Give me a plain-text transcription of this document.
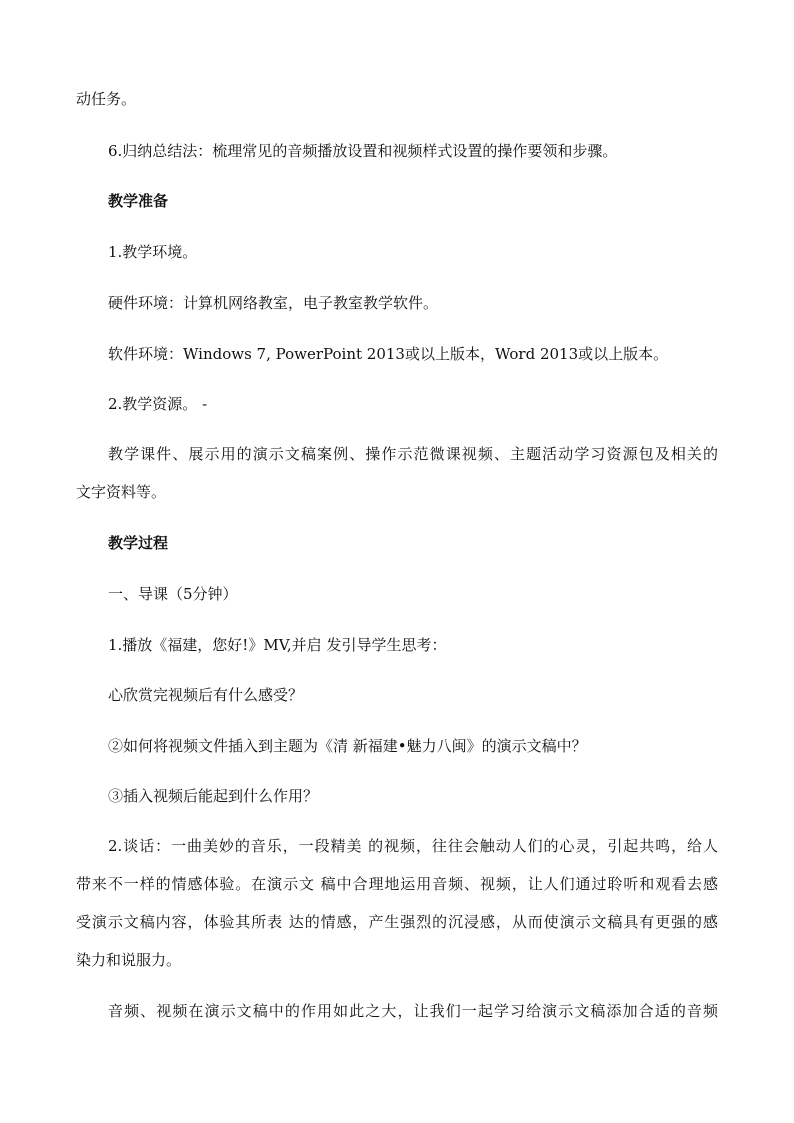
动任务。
6.归纳总结法：梳理常见的音频播放设置和视频样式设置的操作要领和步骤。
教学准备
1.教学环境。
硬件环境：计算机网络教室，电子教室教学软件。
软件环境：Windows 7, PowerPoint 2013或以上版本，Word 2013或以上版本。
2.教学资源。 -
教学课件、展示用的演示文稿案例、操作示范微课视频、主题活动学习资源包及相关的
文字资料等。
教学过程
一、导课（5分钟）
1.播放《福建，您好!》MV,并启 发引导学生思考：
心欣赏完视频后有什么感受？
②如何将视频文件插入到主题为《清 新福建•魅力八闽》的演示文稿中？
③插入视频后能起到什么作用？
2.谈话：一曲美妙的音乐，一段精美 的视频，往往会触动人们的心灵，引起共鸣，给人
带来不一样的情感体验。在演示文 稿中合理地运用音频、视频，让人们通过聆听和观看去感
受演示文稿内容，体验其所表 达的情感，产生强烈的沉浸感，从而使演示文稿具有更强的感
染力和说服力。
音频、视频在演示文稿中的作用如此之大，让我们一起学习给演示文稿添加合适的音频
